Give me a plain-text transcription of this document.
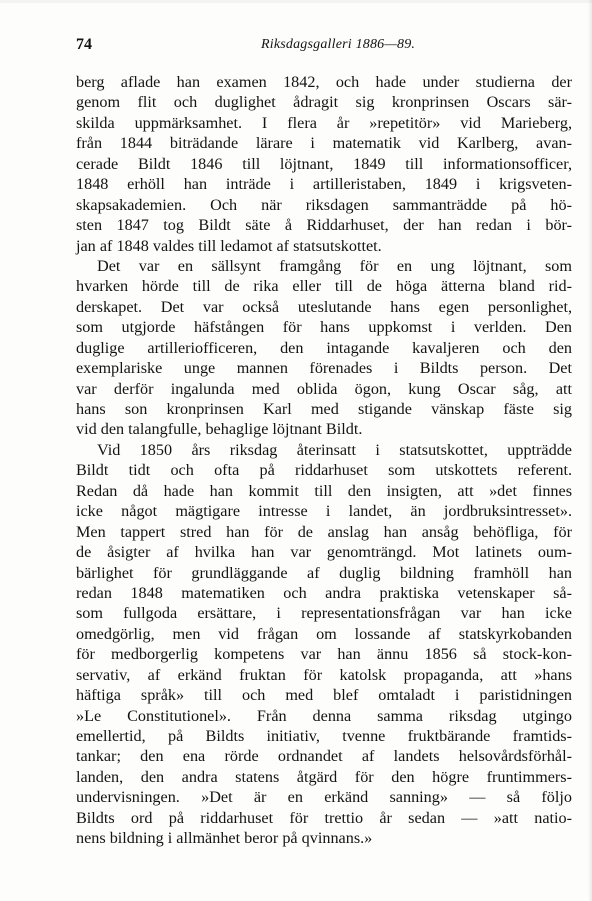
74	Riksdagsgalleri 1886—89.
berg aflade han examen 1842, och hade under studierna der
genom flit och duglighet ådragit sig kronprinsen Oscars sär-
skilda uppmärksamhet. I flera år »repetitör» vid Marieberg,
från 1844 biträdande lärare i matematik vid Karlberg, avan-
cerade Bildt 1846 till löjtnant, 1849 till informationsofficer,
1848 erhöll han inträde i artilleristaben, 1849 i krigsveten-
skapsakademien. Och när riksdagen sammanträdde på hö-
sten 1847 tog Bildt säte å Riddarhuset, der han redan i bör-
jan af 1848 valdes till ledamot af statsutskottet.
Det var en sällsynt framgång för en ung löjtnant, som
hvarken hörde till de rika eller till de höga ätterna bland rid-
derskapet. Det var också uteslutande hans egen personlighet,
som utgjorde häfstången för hans uppkomst i verlden. Den
duglige artilleriofficeren, den intagande kavaljeren och den
exemplariske unge mannen förenades i Bildts person. Det
var derför ingalunda med oblida ögon, kung Oscar såg, att
hans son kronprinsen Karl med stigande vänskap fäste sig
vid den talangfulle, behaglige löjtnant Bildt.
Vid 1850 års riksdag återinsatt i statsutskottet, uppträdde
Bildt tidt och ofta på riddarhuset som utskottets referent.
Redan då hade han kommit till den insigten, att »det finnes
icke något mägtigare intresse i landet, än jordbruksintresset».
Men tappert stred han för de anslag han ansåg behöfliga, för
de åsigter af hvilka han var genomträngd. Mot latinets oum-
bärlighet för grundläggande af duglig bildning framhöll han
redan 1848 matematiken och andra praktiska vetenskaper så-
som fullgoda ersättare, i representationsfrågan var han icke
omedgörlig, men vid frågan om lossande af statskyrkobanden
för medborgerlig kompetens var han ännu 1856 så stock-kon-
servativ, af erkänd fruktan för katolsk propaganda, att »hans
häftiga språk» till och med blef omtaladt i paristidningen
»Le Constitutionel». Från denna samma riksdag utgingo
emellertid, på Bildts initiativ, tvenne fruktbärande framtids-
tankar; den ena rörde ordnandet af landets helsovårdsförhål-
landen, den andra statens åtgärd för den högre fruntimmers-
undervisningen. »Det är en erkänd sanning» — så följo
Bildts ord på riddarhuset för trettio år sedan — »att natio-
nens bildning i allmänhet beror på qvinnans.»
